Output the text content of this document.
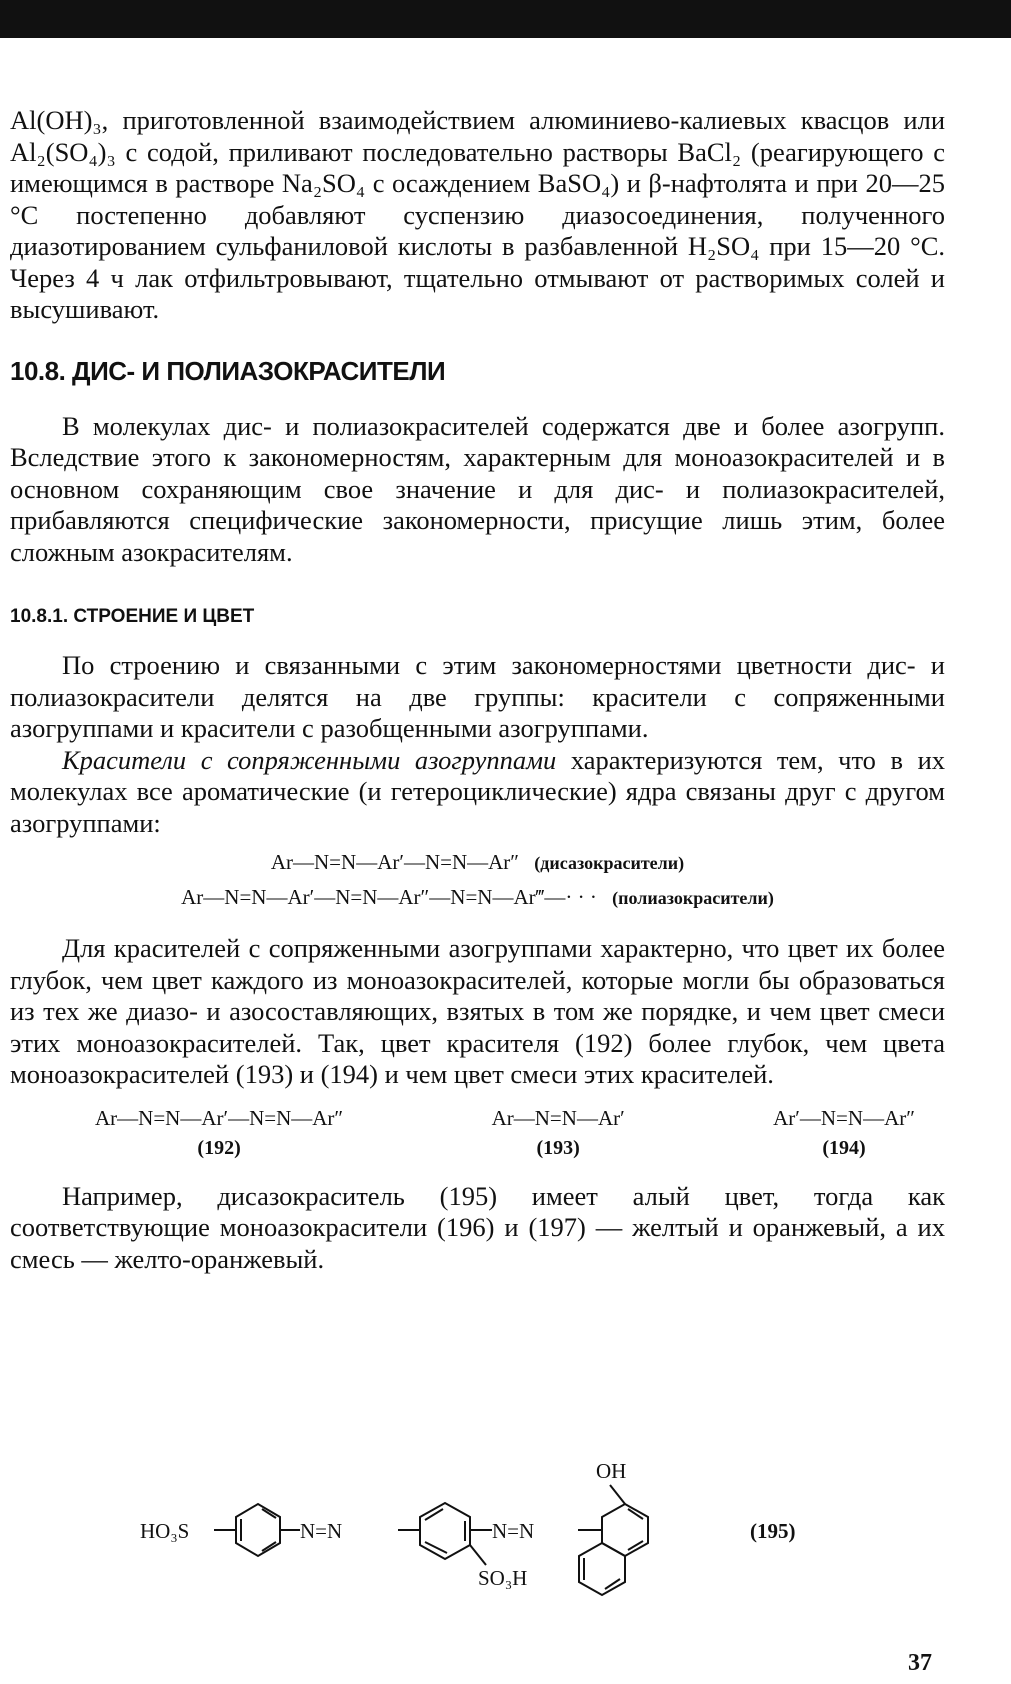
Al(OH)₃, приготовленной взаимодействием алюминиево-калиевых квасцов или Al₂(SO₄)₃ с содой, приливают последовательно растворы BaCl₂ (реагирующего с имеющимся в растворе Na₂SO₄ с осаждением BaSO₄) и β-нафтолята и при 20—25 °С постепенно добавляют суспензию диазосоединения, полученного диазотированием сульфаниловой кислоты в разбавленной H₂SO₄ при 15—20 °С. Через 4 ч лак отфильтровывают, тщательно отмывают от растворимых солей и высушивают.

10.8. ДИС- И ПОЛИАЗОКРАСИТЕЛИ

В молекулах дис- и полиазокрасителей содержатся две и более азогрупп. Вследствие этого к закономерностям, характерным для моноазокрасителей и в основном сохраняющим свое значение и для дис- и полиазокрасителей, прибавляются специфические закономерности, присущие лишь этим, более сложным азокрасителям.

10.8.1. СТРОЕНИЕ И ЦВЕТ

По строению и связанными с этим закономерностями цветности дис- и полиазокрасители делятся на две группы: красители с сопряженными азогруппами и красители с разобщенными азогруппами.

Красители с сопряженными азогруппами характеризуются тем, что в их молекулах все ароматические (и гетероциклические) ядра связаны друг с другом азогруппами:

Ar—N=N—Ar′—N=N—Ar″ (дисазокрасители)
Ar—N=N—Ar′—N=N—Ar″—N=N—Ar‴—· · · (полиазокрасители)

Для красителей с сопряженными азогруппами характерно, что цвет их более глубок, чем цвет каждого из моноазокрасителей, которые могли бы образоваться из тех же диазо- и азосоставляющих, взятых в том же порядке, и чем цвет смеси этих моноазокрасителей. Так, цвет красителя (192) более глубок, чем цвета моноазокрасителей (193) и (194) и чем цвет смеси этих красителей.

Ar—N=N—Ar′—N=N—Ar″
(192)
Ar—N=N—Ar′
(193)
Ar′—N=N—Ar″
(194)

Например, дисазокраситель (195) имеет алый цвет, тогда как соответствующие моноазокрасители (196) и (197) — желтый и оранжевый, а их смесь — желто-оранжевый.

HO₃S	N=N	N=N
SO₃H
OH
(195)
37
